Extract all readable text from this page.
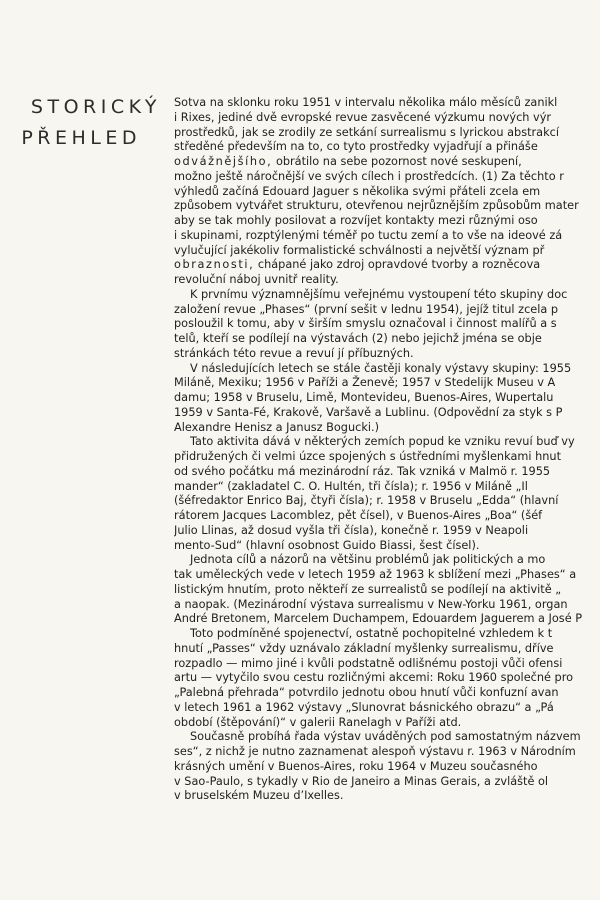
STORICKÝ
PŘEHLED
Sotva na sklonku roku 1951 v intervalu několika málo měsíců zanikl
i Rixes, jediné dvě evropské revue zasvěcené výzkumu nových výr
prostředků, jak se zrodily ze setkání surrealismu s lyrickou abstrakcí
středěné především na to, co tyto prostředky vyjadřují a přináše
odvážnějšího, obrátilo na sebe pozornost nové seskupení,
možno ještě náročnější ve svých cílech i prostředcích. (1) Za těchto r
výhledů začíná Edouard Jaguer s několika svými přáteli zcela em
způsobem vytvářet strukturu, otevřenou nejrůznějším způsobům mater
aby se tak mohly posilovat a rozvíjet kontakty mezi různými oso
i skupinami, rozptýlenými téměř po tuctu zemí a to vše na ideové zá
vylučující jakékoliv formalistické schválnosti a největší význam př
obraznosti, chápané jako zdroj opravdové tvorby a rozněcova
revoluční náboj uvnitř reality.
K prvnímu významnějšímu veřejnému vystoupení této skupiny doc
založení revue „Phases“ (první sešit v lednu 1954), jejíž titul zcela p
posloužil k tomu, aby v širším smyslu označoval i činnost malířů a s
telů, kteří se podílejí na výstavách (2) nebo jejichž jména se obje
stránkách této revue a revuí jí příbuzných.
V následujících letech se stále častěji konaly výstavy skupiny: 1955
Miláně, Mexiku; 1956 v Paříži a Ženevě; 1957 v Stedelijk Museu v A
damu; 1958 v Bruselu, Limě, Montevideu, Buenos-Aires, Wupertalu
1959 v Santa-Fé, Krakově, Varšavě a Lublinu. (Odpovědní za styk s P
Alexandre Henisz a Janusz Bogucki.)
Tato aktivita dává v některých zemích popud ke vzniku revuí buď vy
přidružených či velmi úzce spojených s ústředními myšlenkami hnut
od svého počátku má mezinárodní ráz. Tak vzniká v Malmö r. 1955
mander“ (zakladatel C. O. Hultén, tři čísla); r. 1956 v Miláně „Il
(šéfredaktor Enrico Baj, čtyři čísla); r. 1958 v Bruselu „Edda“ (hlavní
rátorem Jacques Lacomblez, pět čísel), v Buenos-Aires „Boa“ (šéf
Julio Llinas, až dosud vyšla tři čísla), konečně r. 1959 v Neapoli
mento-Sud“ (hlavní osobnost Guido Biassi, šest čísel).
Jednota cílů a názorů na většinu problémů jak politických a mo
tak uměleckých vede v letech 1959 až 1963 k sblížení mezi „Phases“ a
listickým hnutím, proto někteří ze surrealistů se podílejí na aktivitě „
a naopak. (Mezinárodní výstava surrealismu v New-Yorku 1961, organ
André Bretonem, Marcelem Duchampem, Edouardem Jaguerem a José P
Toto podmíněné spojenectví, ostatně pochopitelné vzhledem k t
hnutí „Passes“ vždy uznávalo základní myšlenky surrealismu, dříve
rozpadlo — mimo jiné i kvůli podstatně odlišnému postoji vůči ofensi
artu — vytyčilo svou cestu rozličnými akcemi: Roku 1960 společné pro
„Palebná přehrada“ potvrdilo jednotu obou hnutí vůči konfuzní avan
v letech 1961 a 1962 výstavy „Slunovrat básnického obrazu“ a „Pá
období (štěpování)“ v galerii Ranelagh v Paříži atd.
Současně probíhá řada výstav uváděných pod samostatným názvem
ses“, z nichž je nutno zaznamenat alespoň výstavu r. 1963 v Národním
krásných umění v Buenos-Aires, roku 1964 v Muzeu současného
v Sao-Paulo, s tykadly v Rio de Janeiro a Minas Gerais, a zvláště ol
v bruselském Muzeu d’Ixelles.
